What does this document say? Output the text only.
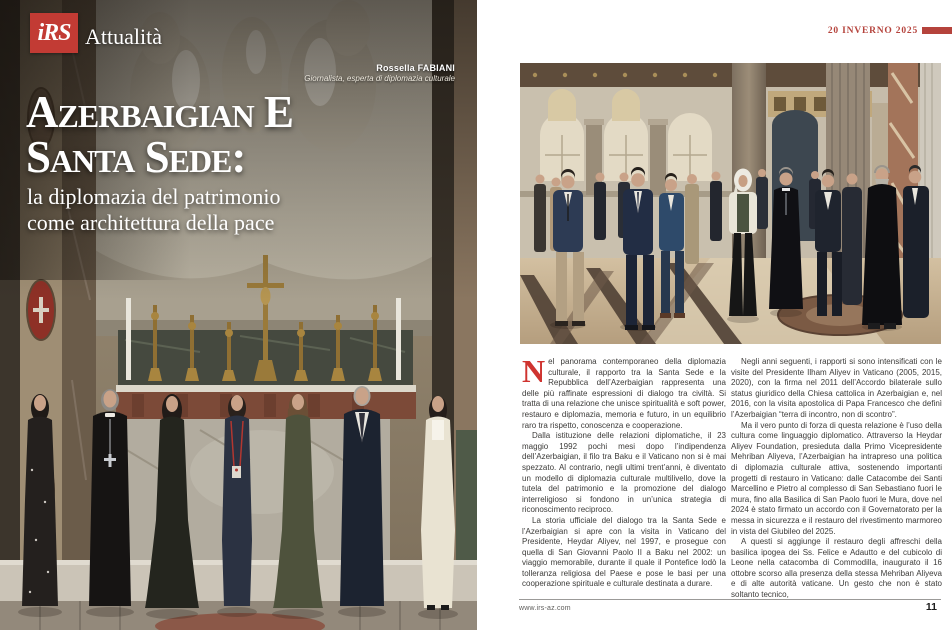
iRS Attualità
Rossella FABIANI
Giornalista, esperta di diplomazia culturale
Azerbaigian E
Santa Sede:
la diplomazia del patrimonio
come architettura della pace
20 INVERNO 2025

Nel panorama contemporaneo della diplomazia culturale, il rapporto tra la Santa Sede e la Repubblica dell’Azerbaigian rappresenta una delle più raffinate espressioni di dialogo tra civiltà. Si tratta di una relazione che unisce spiritualità e soft power, restauro e diplomazia, memoria e futuro, in un equilibrio raro tra rispetto, conoscenza e cooperazione.

Dalla istituzione delle relazioni diplomatiche, il 23 maggio 1992 pochi mesi dopo l’indipendenza dell’Azerbaigian, il filo tra Baku e il Vaticano non si è mai spezzato. Al contrario, negli ultimi trent’anni, è diventato un modello di diplomazia culturale multilivello, dove la tutela del patrimonio e la promozione del dialogo interreligioso si fondono in un’unica strategia di riconoscimento reciproco.

La storia ufficiale del dialogo tra la Santa Sede e l’Azerbaigian si apre con la visita in Vaticano del Presidente, Heydar Aliyev, nel 1997, e prosegue con quella di San Giovanni Paolo II a Baku nel 2002: un viaggio memorabile, durante il quale il Pontefice lodò la tolleranza religiosa del Paese e pose le basi per una cooperazione spirituale e culturale destinata a durare.

Negli anni seguenti, i rapporti si sono intensificati con le visite del Presidente Ilham Aliyev in Vaticano (2005, 2015, 2020), con la firma nel 2011 dell’Accordo bilaterale sullo status giuridico della Chiesa cattolica in Azerbaigian e, nel 2016, con la visita apostolica di Papa Francesco che definì l’Azerbaigian “terra di incontro, non di scontro”.

Ma il vero punto di forza di questa relazione è l’uso della cultura come linguaggio diplomatico. Attraverso la Heydar Aliyev Foundation, presieduta dalla Primo Vicepresidente Mehriban Aliyeva, l’Azerbaigian ha intrapreso una politica di diplomazia culturale attiva, sostenendo importanti progetti di restauro in Vaticano: dalle Catacombe dei Santi Marcellino e Pietro al complesso di San Sebastiano fuori le mura, fino alla Basilica di San Paolo fuori le Mura, dove nel 2024 è stato firmato un accordo con il Governatorato per la messa in sicurezza e il restauro del rivestimento marmoreo in vista del Giubileo del 2025.

A questi si aggiunge il restauro degli affreschi della basilica ipogea dei Ss. Felice e Adautto e del cubicolo di Leone nella catacomba di Commodilla, inaugurato il 16 ottobre scorso alla presenza della stessa Mehriban Aliyeva e di alte autorità vaticane. Un gesto che non è stato soltanto tecnico,

www.irs-az.com	11
